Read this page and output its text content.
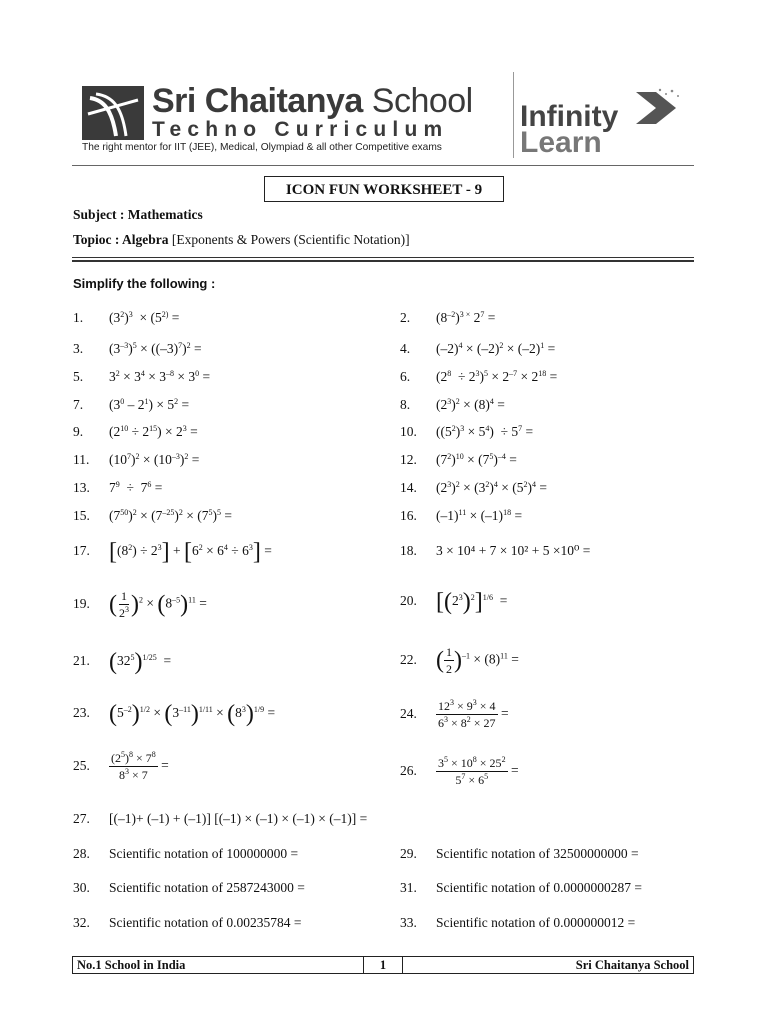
Sri Chaitanya School
Techno Curriculum
The right mentor for IIT (JEE), Medical, Olympiad & all other Competitive exams
Infinity
Learn
ICON FUN WORKSHEET - 9
Subject : Mathematics
Topioc : Algebra [Exponents & Powers (Scientific Notation)]
Simplify the following :
1. $(3^2)^3 \times (5^{2)}$ =
3. $(3^{-3})^5 \times ((-3)^7)^2$ =
5. $3^2 \times 3^4 \times 3^{-8} \times 3^0$ =
7. $(3^0 - 2^1) \times 5^2$ =
9. $(2^{10} \div 2^{15}) \times 2^3$ =
11. $(10^7)^2 \times (10^{-3})^2$ =
13. $7^9 \div 7^6$ =
15. $(7^{50})^2 \times (7^{-25})^2 \times (7^5)^5$ =
17. $[(8^2) \div 2^3] + [6^2 \times 6^4 \div 6^3]$ =
19. ( $\frac{1}{2^3} )^2 \times (8^{-5})^{11}$ =
21. $(32^5)^{1/25}$  =
23. $(5^{-2})^{1/2} \times (3^{-11})^{1/11} \times (8^3)^{1/9}$ =
25. $\frac{(2^5)^8 \times 7^8}{8^3 \times 7}$ =
27. [(–1)+ (–1) + (–1)] [(–1) × (–1) × (–1) × (–1)] =
28. Scientific notation of 100000000 =
30. Scientific notation of 2587243000 =
32. Scientific notation of 0.00235784 =
2. $(8^{-2})^{3 \times}$ $2^7$ =
4. $(-2)^4 \times (-2)^2 \times (-2)^1$ =
6. $(2^8 \div 2^3)^5 \times 2^{-7} \times 2^{18}$ =
8. $(2^3)^2 \times (8)^4$ =
10. $((5^2)^3 \times 5^4) \div 5^7$ =
12. $(7^2)^{10} \times (7^5)^{-4}$ =
14. $(2^3)^2 \times (3^2)^4 \times (5^2)^4$ =
16. $(-1)^{11} \times (-1)^{18}$ =
18. 3 × 10⁴ + 7 × 10² + 5 ×10⁰ =
20. $[(2^3)^2]^{1/6}$  =
22. ( $\frac{1}{2} )^{-1} \times (8)^{11}$ =
24. $\frac{12^3 \times 9^3 \times 4}{6^3 \times 8^2 \times 27}$ =
26. $\frac{3^5 \times 10^8 \times 25^2}{5^7 \times 6^5}$ =
29. Scientific notation of 32500000000 =
31. Scientific notation of 0.0000000287 =
33. Scientific notation of 0.000000012 =
No.1 School in India	1	Sri Chaitanya School
